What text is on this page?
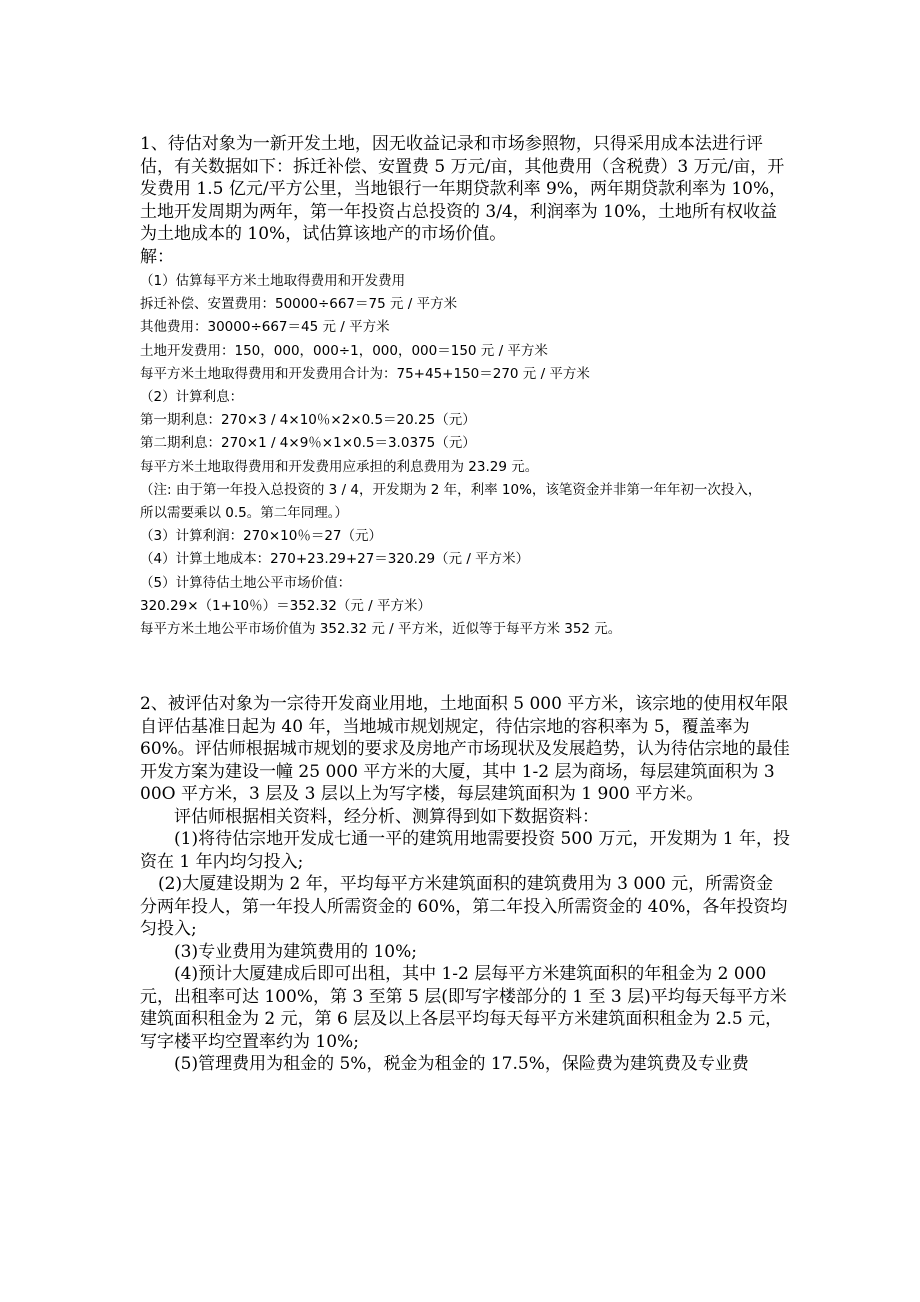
1、待估对象为一新开发土地，因无收益记录和市场参照物，只得采用成本法进行评估，有关数据如下：拆迁补偿、安置费 5 万元/亩，其他费用（含税费）3 万元/亩，开发费用 1.5 亿元/平方公里，当地银行一年期贷款利率 9%，两年期贷款利率为 10%，土地开发周期为两年，第一年投资占总投资的 3/4，利润率为 10%，土地所有权收益为土地成本的 10%，试估算该地产的市场价值。

解：

（1）估算每平方米土地取得费用和开发费用

拆迁补偿、安置费用：50000÷667＝75 元 / 平方米

其他费用：30000÷667＝45 元 / 平方米

土地开发费用：150，000，000÷1，000，000＝150 元 / 平方米

每平方米土地取得费用和开发费用合计为：75+45+150＝270 元 / 平方米

（2）计算利息：

第一期利息：270×3 / 4×10％×2×0.5＝20.25（元）

第二期利息：270×1 / 4×9％×1×0.5＝3.0375（元）

每平方米土地取得费用和开发费用应承担的利息费用为 23.29 元。

（注: 由于第一年投入总投资的 3 / 4，开发期为 2 年，利率 10%，该笔资金并非第一年年初一次投入，

所以需要乘以 0.5。第二年同理。）

（3）计算利润：270×10％＝27（元）

（4）计算土地成本：270+23.29+27＝320.29（元 / 平方米）

（5）计算待估土地公平市场价值：

320.29×（1+10％）＝352.32（元 / 平方米）

每平方米土地公平市场价值为 352.32 元 / 平方米，近似等于每平方米 352 元。

2、被评估对象为一宗待开发商业用地，土地面积 5 000 平方米，该宗地的使用权年限自评估基准日起为 40 年，当地城市规划规定，待估宗地的容积率为 5，覆盖率为 60%。评估师根据城市规划的要求及房地产市场现状及发展趋势，认为待估宗地的最佳开发方案为建设一幢 25 000 平方米的大厦，其中 1-2 层为商场，每层建筑面积为 3 00O 平方米，3 层及 3 层以上为写字楼，每层建筑面积为 1 900 平方米。

评估师根据相关资料，经分析、测算得到如下数据资料：

(1)将待估宗地开发成七通一平的建筑用地需要投资 500 万元，开发期为 1 年，投资在 1 年内均匀投入;

(2)大厦建设期为 2 年，平均每平方米建筑面积的建筑费用为 3 000 元，所需资金分两年投人，第一年投人所需资金的 60%，第二年投入所需资金的 40%，各年投资均匀投入;

(3)专业费用为建筑费用的 10%;

(4)预计大厦建成后即可出租，其中 1-2 层每平方米建筑面积的年租金为 2 000 元，出租率可达 100%，第 3 至第 5 层(即写字楼部分的 1 至 3 层)平均每天每平方米建筑面积租金为 2 元，第 6 层及以上各层平均每天每平方米建筑面积租金为 2.5 元，写字楼平均空置率约为 10%;

(5)管理费用为租金的 5%，税金为租金的 17.5%，保险费为建筑费及专业费
